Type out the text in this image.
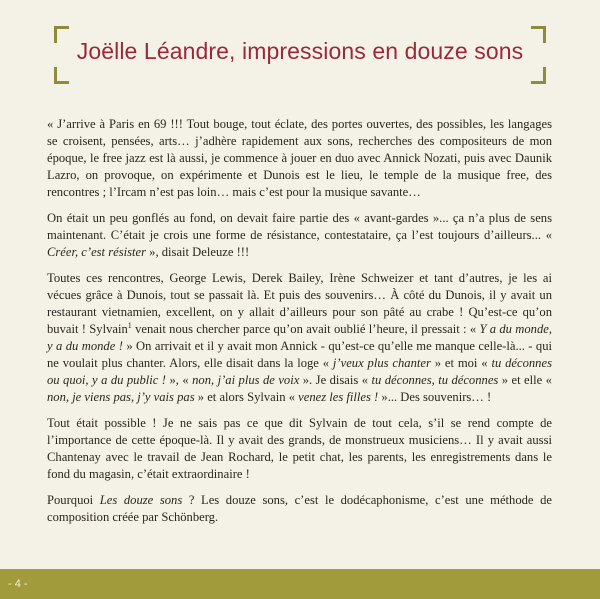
Joëlle Léandre, impressions en douze sons

« J’arrive à Paris en 69 !!! Tout bouge, tout éclate, des portes ouvertes, des possibles, les langages se croisent, pensées, arts… j’adhère rapidement aux sons, recherches des compositeurs de mon époque, le free jazz est là aussi, je commence à jouer en duo avec Annick Nozati, puis avec Daunik Lazro, on provoque, on expérimente et Dunois est le lieu, le temple de la musique free, des rencontres ; l’Ircam n’est pas loin… mais c’est pour la musique savante…

On était un peu gonflés au fond, on devait faire partie des « avant-gardes »... ça n’a plus de sens maintenant. C’était je crois une forme de résistance, contestataire, ça l’est toujours d’ailleurs... « Créer, c’est résister », disait Deleuze !!!

Toutes ces rencontres, George Lewis, Derek Bailey, Irène Schweizer et tant d’autres, je les ai vécues grâce à Dunois, tout se passait là. Et puis des souvenirs… À côté du Dunois, il y avait un restaurant vietnamien, excellent, on y allait d’ailleurs pour son pâté au crabe ! Qu’est-ce qu’on buvait ! Sylvain$^1$ venait nous chercher parce qu’on avait oublié l’heure, il pressait : « Y a du monde, y a du monde ! » On arrivait et il y avait mon Annick - qu’est-ce qu’elle me manque celle-là... - qui ne voulait plus chanter. Alors, elle disait dans la loge « j’veux plus chanter » et moi « tu déconnes ou quoi, y a du public ! », « non, j’ai plus de voix ». Je disais « tu déconnes, tu déconnes » et elle « non, je viens pas, j’y vais pas » et alors Sylvain « venez les filles ! »... Des souvenirs… !

Tout était possible ! Je ne sais pas ce que dit Sylvain de tout cela, s’il se rend compte de l’importance de cette époque-là. Il y avait des grands, de monstrueux musiciens… Il y avait aussi Chantenay avec le travail de Jean Rochard, le petit chat, les parents, les enregistrements dans le fond du magasin, c’était extraordinaire !

Pourquoi Les douze sons ? Les douze sons, c’est le dodécaphonisme, c’est une méthode de composition créée par Schönberg.

- 4 -
